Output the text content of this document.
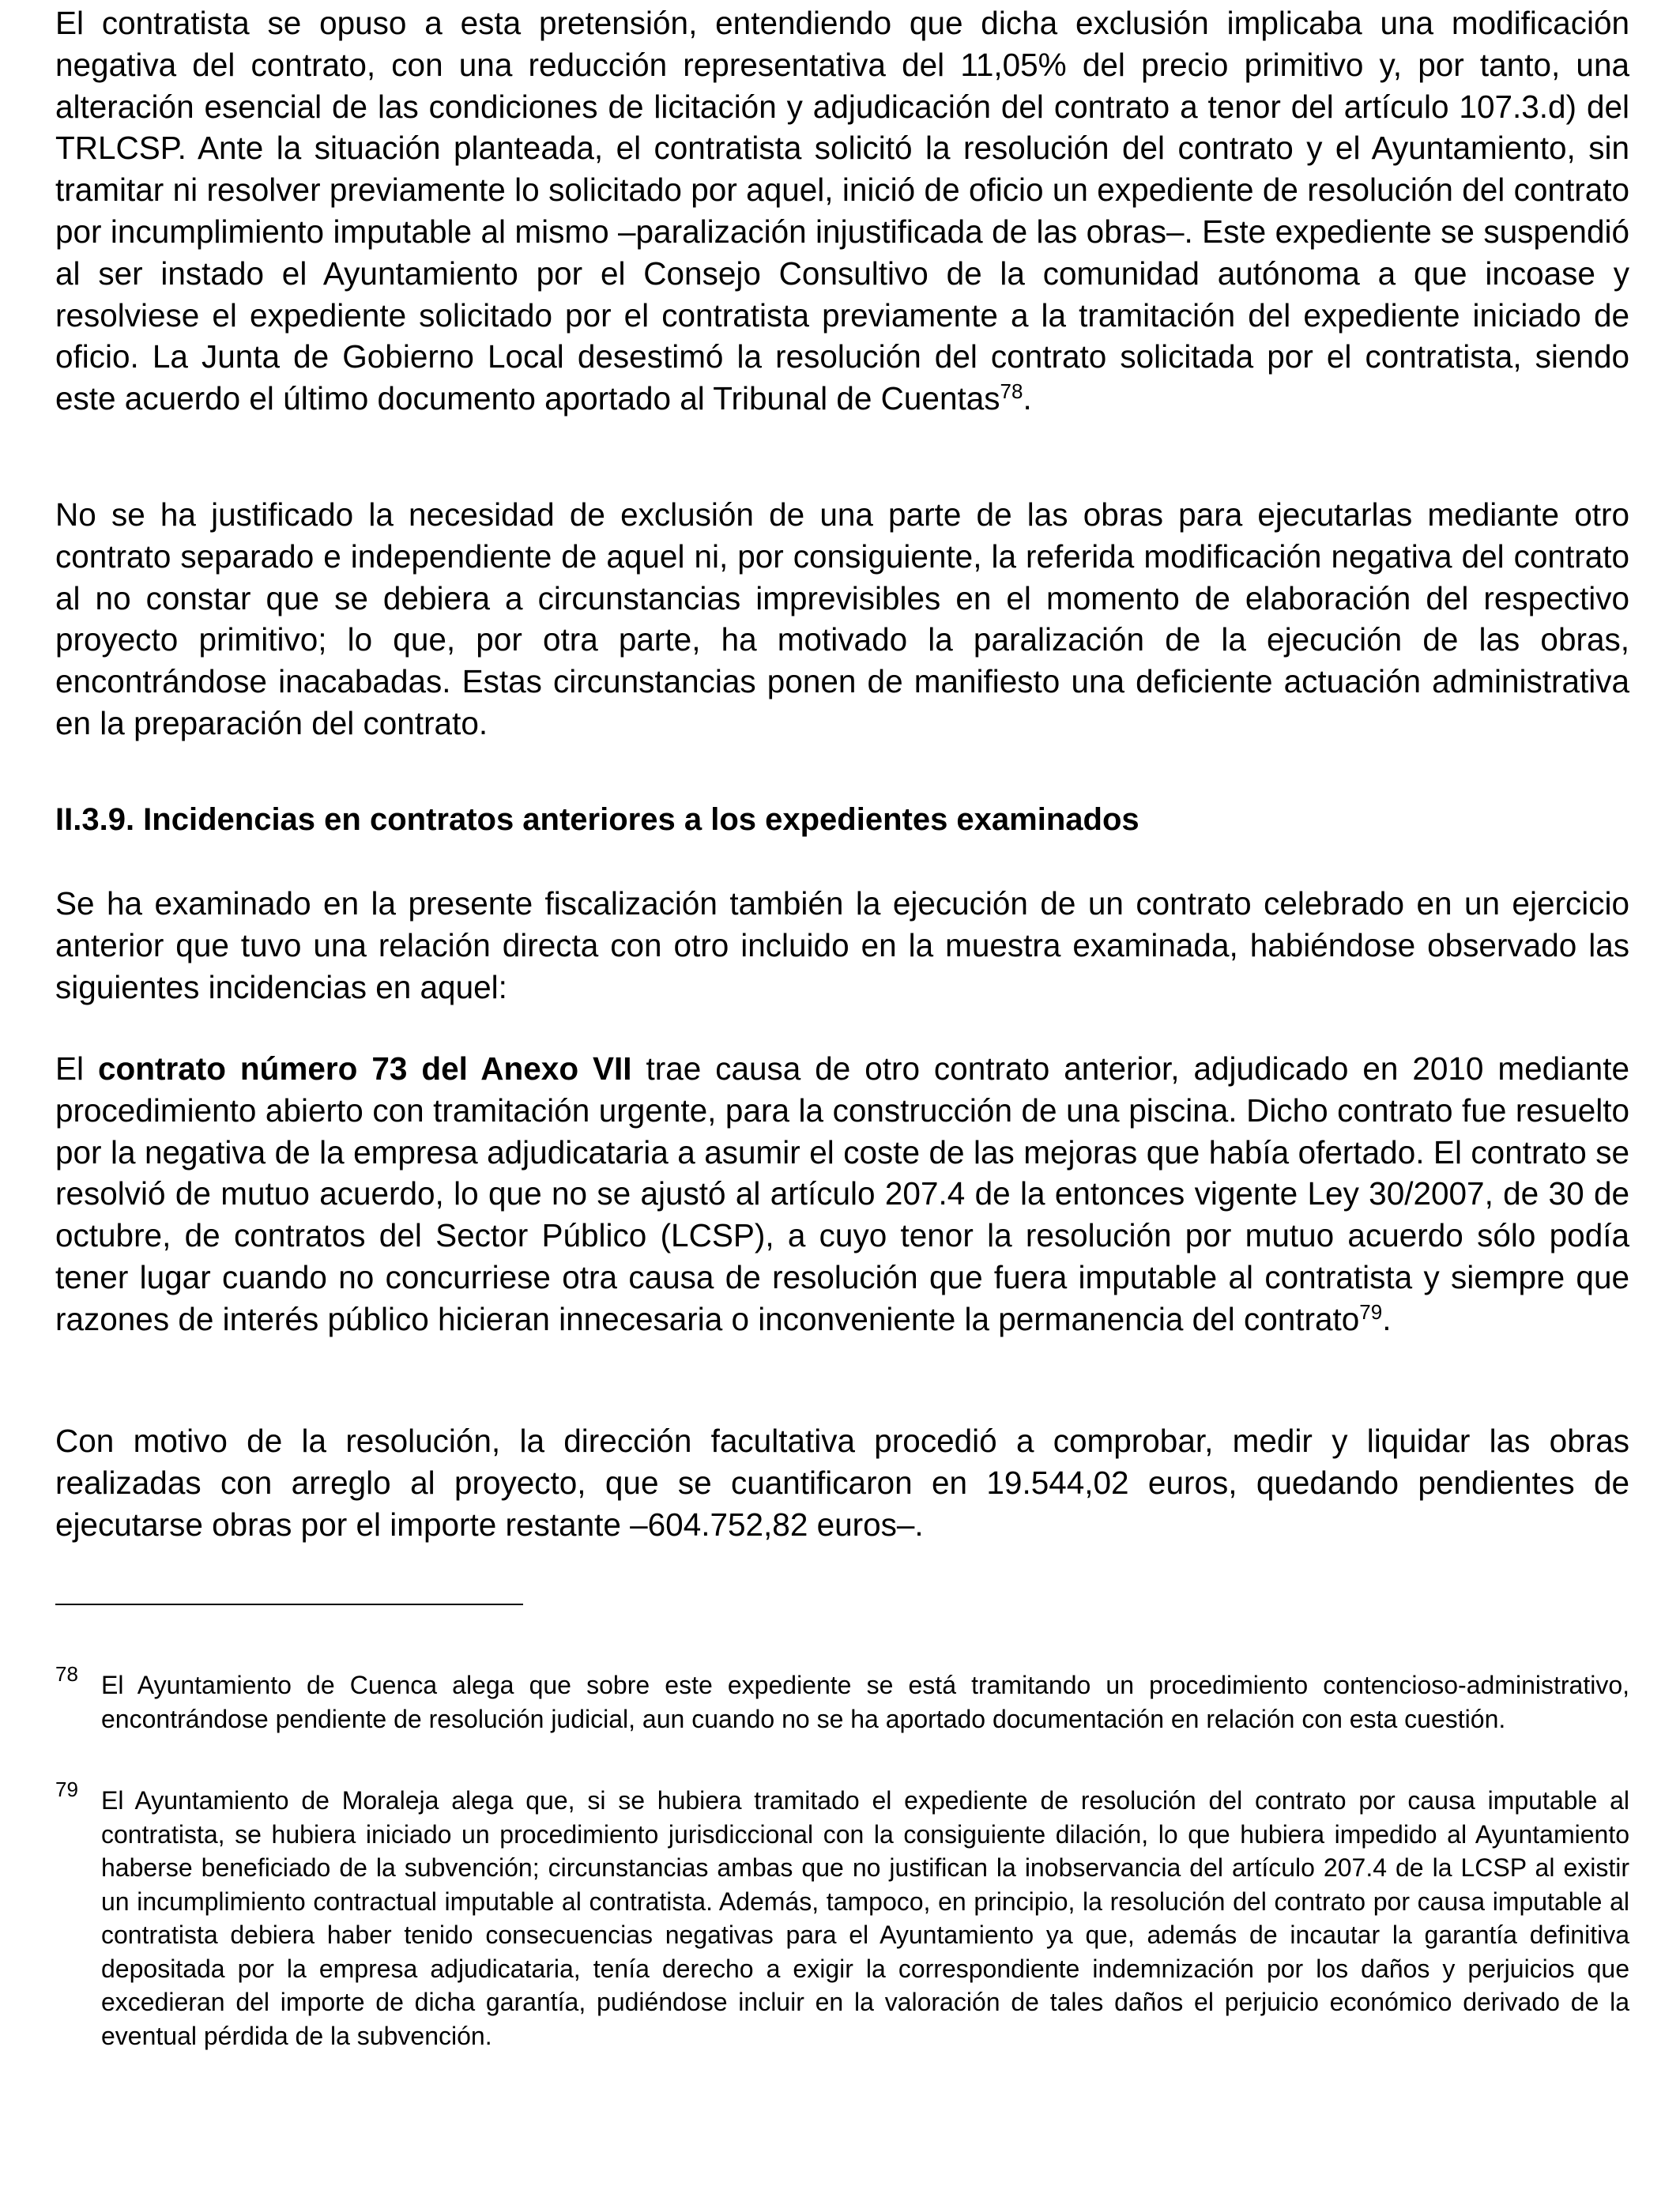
El contratista se opuso a esta pretensión, entendiendo que dicha exclusión implicaba una modificación negativa del contrato, con una reducción representativa del 11,05% del precio primitivo y, por tanto, una alteración esencial de las condiciones de licitación y adjudicación del contrato a tenor del artículo 107.3.d) del TRLCSP. Ante la situación planteada, el contratista solicitó la resolución del contrato y el Ayuntamiento, sin tramitar ni resolver previamente lo solicitado por aquel, inició de oficio un expediente de resolución del contrato por incumplimiento imputable al mismo –paralización injustificada de las obras–. Este expediente se suspendió al ser instado el Ayuntamiento por el Consejo Consultivo de la comunidad autónoma a que incoase y resolviese el expediente solicitado por el contratista previamente a la tramitación del expediente iniciado de oficio. La Junta de Gobierno Local desestimó la resolución del contrato solicitada por el contratista, siendo este acuerdo el último documento aportado al Tribunal de Cuentas$^{78}$.

No se ha justificado la necesidad de exclusión de una parte de las obras para ejecutarlas mediante otro contrato separado e independiente de aquel ni, por consiguiente, la referida modificación negativa del contrato al no constar que se debiera a circunstancias imprevisibles en el momento de elaboración del respectivo proyecto primitivo; lo que, por otra parte, ha motivado la paralización de la ejecución de las obras, encontrándose inacabadas. Estas circunstancias ponen de manifiesto una deficiente actuación administrativa en la preparación del contrato.

II.3.9. Incidencias en contratos anteriores a los expedientes examinados

Se ha examinado en la presente fiscalización también la ejecución de un contrato celebrado en un ejercicio anterior que tuvo una relación directa con otro incluido en la muestra examinada, habiéndose observado las siguientes incidencias en aquel:

El contrato número 73 del Anexo VII trae causa de otro contrato anterior, adjudicado en 2010 mediante procedimiento abierto con tramitación urgente, para la construcción de una piscina. Dicho contrato fue resuelto por la negativa de la empresa adjudicataria a asumir el coste de las mejoras que había ofertado. El contrato se resolvió de mutuo acuerdo, lo que no se ajustó al artículo 207.4 de la entonces vigente Ley 30/2007, de 30 de octubre, de contratos del Sector Público (LCSP), a cuyo tenor la resolución por mutuo acuerdo sólo podía tener lugar cuando no concurriese otra causa de resolución que fuera imputable al contratista y siempre que razones de interés público hicieran innecesaria o inconveniente la permanencia del contrato$^{79}$.

Con motivo de la resolución, la dirección facultativa procedió a comprobar, medir y liquidar las obras realizadas con arreglo al proyecto, que se cuantificaron en 19.544,02 euros, quedando pendientes de ejecutarse obras por el importe restante –604.752,82 euros–.

78 El Ayuntamiento de Cuenca alega que sobre este expediente se está tramitando un procedimiento contencioso-administrativo, encontrándose pendiente de resolución judicial, aun cuando no se ha aportado documentación en relación con esta cuestión.
79 El Ayuntamiento de Moraleja alega que, si se hubiera tramitado el expediente de resolución del contrato por causa imputable al contratista, se hubiera iniciado un procedimiento jurisdiccional con la consiguiente dilación, lo que hubiera impedido al Ayuntamiento haberse beneficiado de la subvención; circunstancias ambas que no justifican la inobservancia del artículo 207.4 de la LCSP al existir un incumplimiento contractual imputable al contratista. Además, tampoco, en principio, la resolución del contrato por causa imputable al contratista debiera haber tenido consecuencias negativas para el Ayuntamiento ya que, además de incautar la garantía definitiva depositada por la empresa adjudicataria, tenía derecho a exigir la correspondiente indemnización por los daños y perjuicios que excedieran del importe de dicha garantía, pudiéndose incluir en la valoración de tales daños el perjuicio económico derivado de la eventual pérdida de la subvención.
